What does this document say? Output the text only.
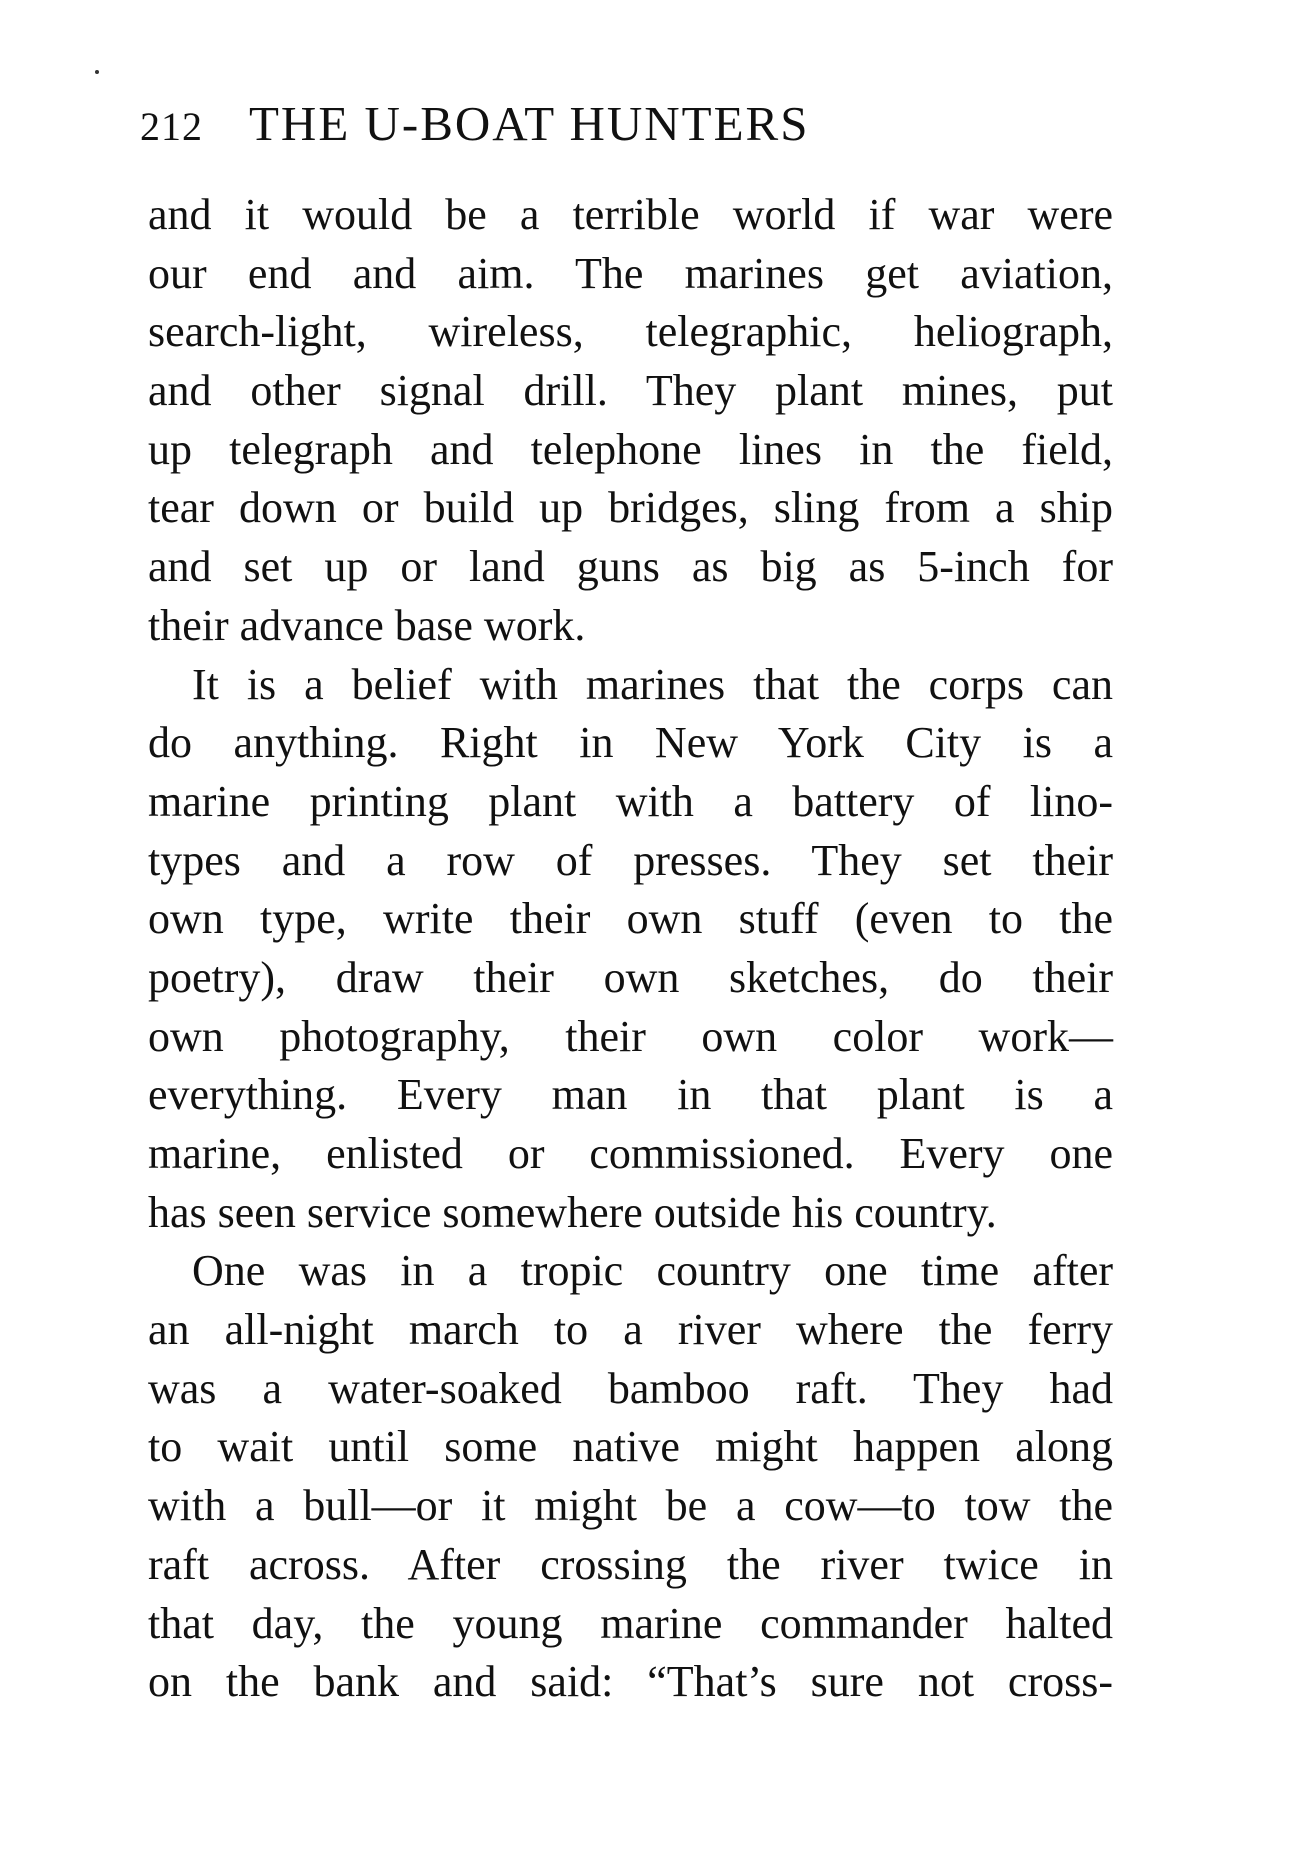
212 THE U-BOAT HUNTERS
and it would be a terrible world if war were
our end and aim. The marines get aviation,
search-light, wireless, telegraphic, heliograph,
and other signal drill. They plant mines, put
up telegraph and telephone lines in the field,
tear down or build up bridges, sling from a ship
and set up or land guns as big as 5-inch for
their advance base work.
It is a belief with marines that the corps can
do anything. Right in New York City is a
marine printing plant with a battery of lino-
types and a row of presses. They set their
own type, write their own stuff (even to the
poetry), draw their own sketches, do their
own photography, their own color work—
everything. Every man in that plant is a
marine, enlisted or commissioned. Every one
has seen service somewhere outside his country.
One was in a tropic country one time after
an all-night march to a river where the ferry
was a water-soaked bamboo raft. They had
to wait until some native might happen along
with a bull—or it might be a cow—to tow the
raft across. After crossing the river twice in
that day, the young marine commander halted
on the bank and said: “That’s sure not cross-
